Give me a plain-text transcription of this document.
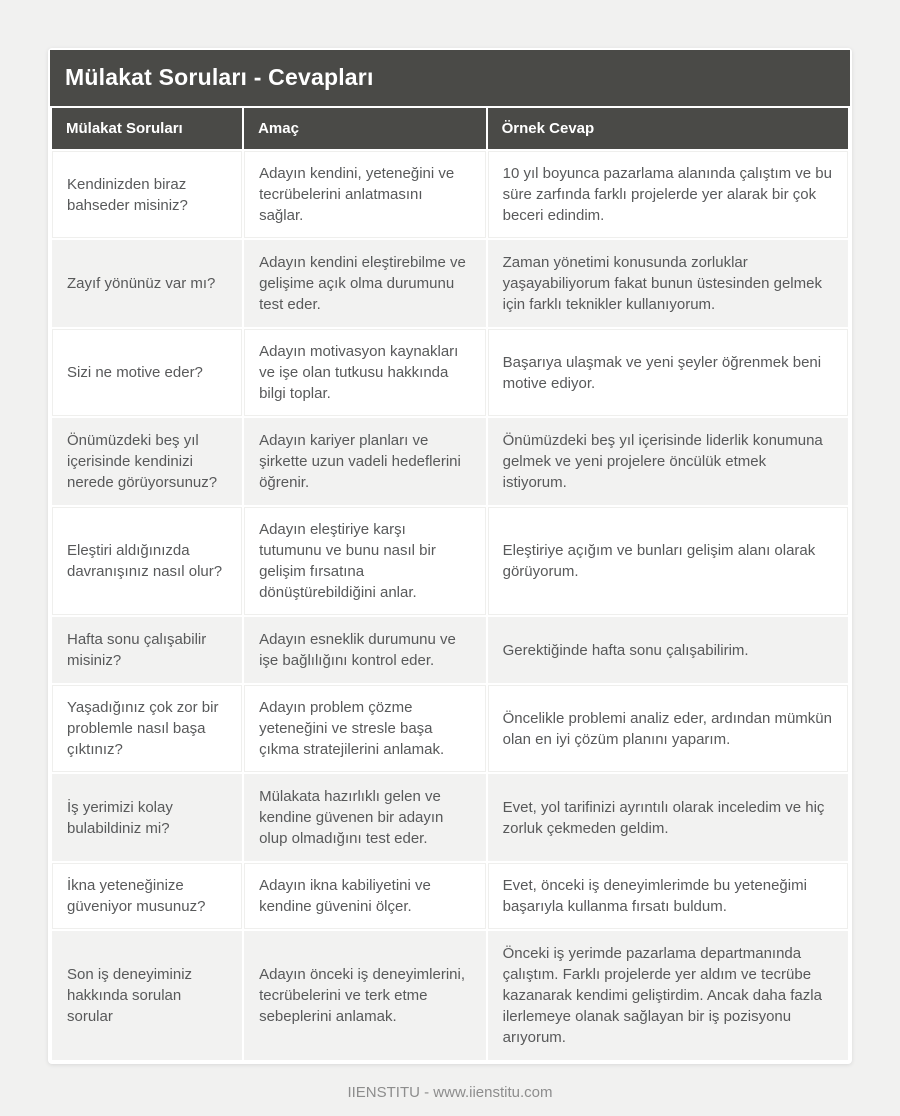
Mülakat Soruları - Cevapları
Mülakat Soruları	Amaç	Örnek Cevap
Kendinizden biraz bahseder misiniz?	Adayın kendini, yeteneğini ve tecrübelerini anlatmasını sağlar.	10 yıl boyunca pazarlama alanında çalıştım ve bu süre zarfında farklı projelerde yer alarak bir çok beceri edindim.
Zayıf yönünüz var mı?	Adayın kendini eleştirebilme ve gelişime açık olma durumunu test eder.	Zaman yönetimi konusunda zorluklar yaşayabiliyorum fakat bunun üstesinden gelmek için farklı teknikler kullanıyorum.
Sizi ne motive eder?	Adayın motivasyon kaynakları ve işe olan tutkusu hakkında bilgi toplar.	Başarıya ulaşmak ve yeni şeyler öğrenmek beni motive ediyor.
Önümüzdeki beş yıl içerisinde kendinizi nerede görüyorsunuz?	Adayın kariyer planları ve şirkette uzun vadeli hedeflerini öğrenir.	Önümüzdeki beş yıl içerisinde liderlik konumuna gelmek ve yeni projelere öncülük etmek istiyorum.
Eleştiri aldığınızda davranışınız nasıl olur?	Adayın eleştiriye karşı tutumunu ve bunu nasıl bir gelişim fırsatına dönüştürebildiğini anlar.	Eleştiriye açığım ve bunları gelişim alanı olarak görüyorum.
Hafta sonu çalışabilir misiniz?	Adayın esneklik durumunu ve işe bağlılığını kontrol eder.	Gerektiğinde hafta sonu çalışabilirim.
Yaşadığınız çok zor bir problemle nasıl başa çıktınız?	Adayın problem çözme yeteneğini ve stresle başa çıkma stratejilerini anlamak.	Öncelikle problemi analiz eder, ardından mümkün olan en iyi çözüm planını yaparım.
İş yerimizi kolay bulabildiniz mi?	Mülakata hazırlıklı gelen ve kendine güvenen bir adayın olup olmadığını test eder.	Evet, yol tarifinizi ayrıntılı olarak inceledim ve hiç zorluk çekmeden geldim.
İkna yeteneğinize güveniyor musunuz?	Adayın ikna kabiliyetini ve kendine güvenini ölçer.	Evet, önceki iş deneyimlerimde bu yeteneğimi başarıyla kullanma fırsatı buldum.
Son iş deneyiminiz hakkında sorulan sorular	Adayın önceki iş deneyimlerini, tecrübelerini ve terk etme sebeplerini anlamak.	Önceki iş yerimde pazarlama departmanında çalıştım. Farklı projelerde yer aldım ve tecrübe kazanarak kendimi geliştirdim. Ancak daha fazla ilerlemeye olanak sağlayan bir iş pozisyonu arıyorum.
IIENSTITU - www.iienstitu.com
